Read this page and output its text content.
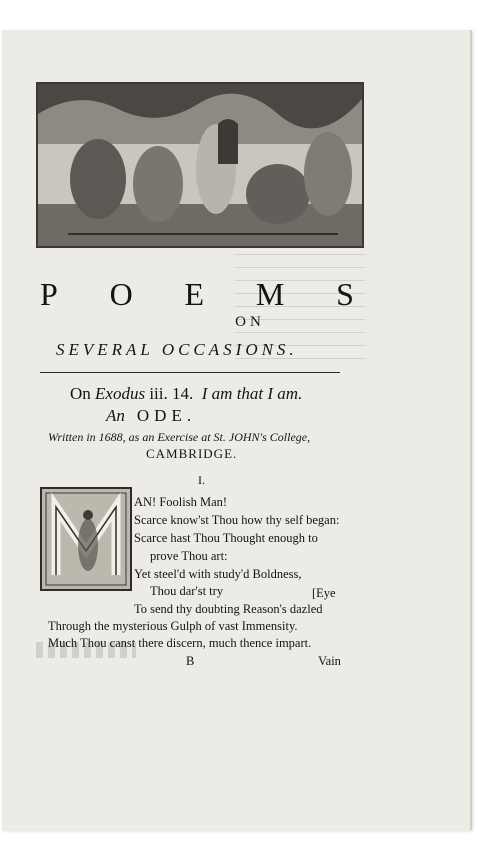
P O E M S
ON
SEVERAL OCCASIONS.
On Exodus iii. 14. I am that I am.
An ODE.
Written in 1688, as an Exercise at St. JOHN's College,
CAMBRIDGE.
I.
AN! Foolish Man!
Scarce know'st Thou how thy self began:
Scarce hast Thou Thought enough to
prove Thou art:
Yet steel'd with study'd Boldness,
Thou dar'st try	[Eye
To send thy doubting Reason's dazled
Through the mysterious Gulph of vast Immensity.
Much Thou canst there discern, much thence impart.
B	Vain
